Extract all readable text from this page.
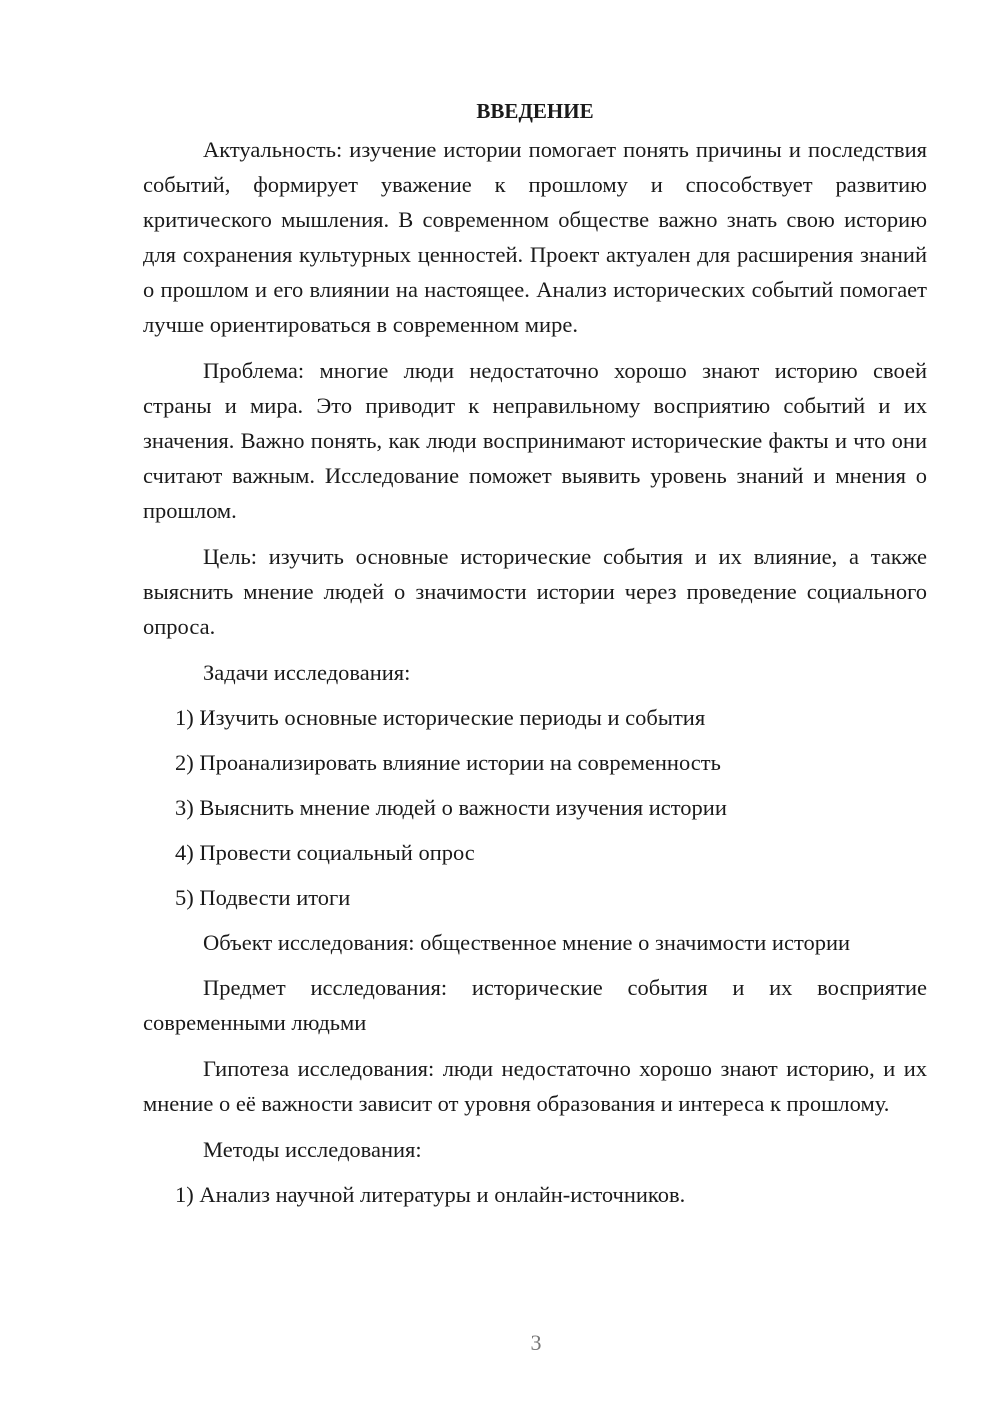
ВВЕДЕНИЕ

Актуальность: изучение истории помогает понять причины и последствия событий, формирует уважение к прошлому и способствует развитию критического мышления. В современном обществе важно знать свою историю для сохранения культурных ценностей. Проект актуален для расширения знаний о прошлом и его влиянии на настоящее. Анализ исторических событий помогает лучше ориентироваться в современном мире.

Проблема: многие люди недостаточно хорошо знают историю своей страны и мира. Это приводит к неправильному восприятию событий и их значения. Важно понять, как люди воспринимают исторические факты и что они считают важным. Исследование поможет выявить уровень знаний и мнения о прошлом.

Цель: изучить основные исторические события и их влияние, а также выяснить мнение людей о значимости истории через проведение социального опроса.

Задачи исследования:

1) Изучить основные исторические периоды и события

2) Проанализировать влияние истории на современность

3) Выяснить мнение людей о важности изучения истории

4) Провести социальный опрос

5) Подвести итоги

Объект исследования: общественное мнение о значимости истории

Предмет исследования: исторические события и их восприятие современными людьми

Гипотеза исследования: люди недостаточно хорошо знают историю, и их мнение о её важности зависит от уровня образования и интереса к прошлому.

Методы исследования:

1) Анализ научной литературы и онлайн-источников.

3
